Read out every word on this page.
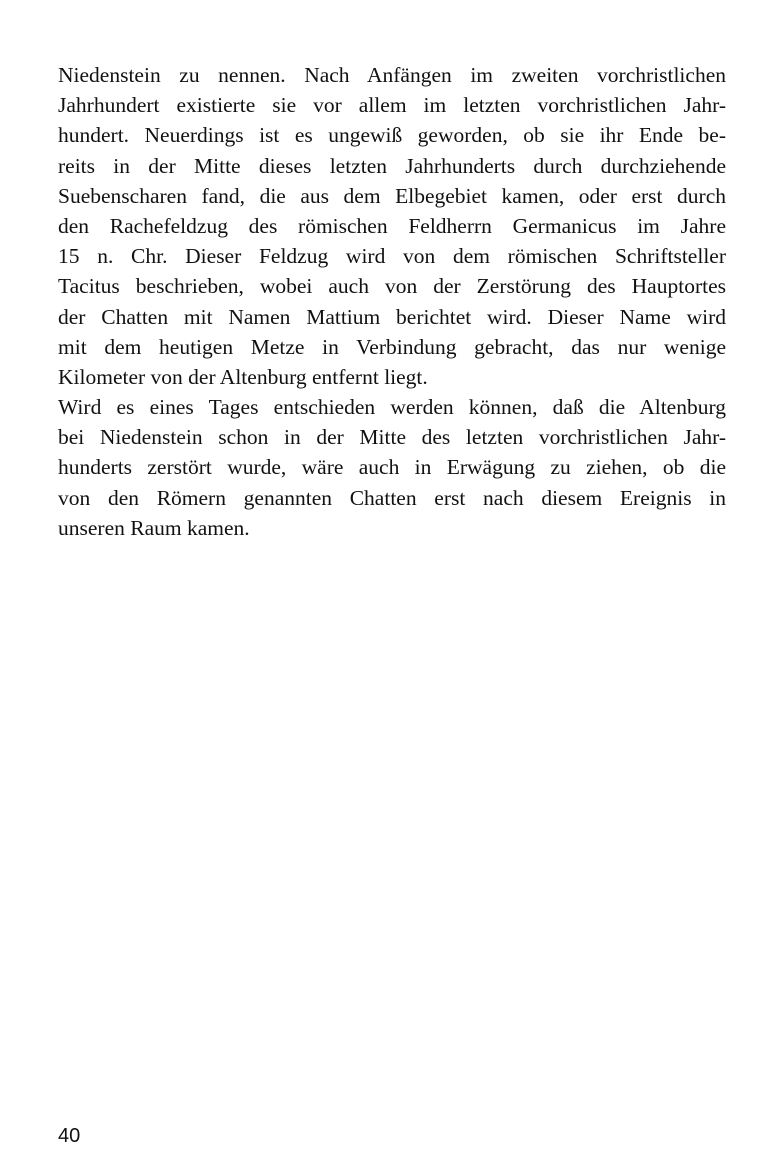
Niedenstein zu nennen. Nach Anfängen im zweiten vorchristlichen
Jahrhundert existierte sie vor allem im letzten vorchristlichen Jahr-
hundert. Neuerdings ist es ungewiß geworden, ob sie ihr Ende be-
reits in der Mitte dieses letzten Jahrhunderts durch durchziehende
Suebenscharen fand, die aus dem Elbegebiet kamen, oder erst durch
den Rachefeldzug des römischen Feldherrn Germanicus im Jahre
15 n. Chr. Dieser Feldzug wird von dem römischen Schriftsteller
Tacitus beschrieben, wobei auch von der Zerstörung des Hauptortes
der Chatten mit Namen Mattium berichtet wird. Dieser Name wird
mit dem heutigen Metze in Verbindung gebracht, das nur wenige
Kilometer von der Altenburg entfernt liegt.
Wird es eines Tages entschieden werden können, daß die Altenburg
bei Niedenstein schon in der Mitte des letzten vorchristlichen Jahr-
hunderts zerstört wurde, wäre auch in Erwägung zu ziehen, ob die
von den Römern genannten Chatten erst nach diesem Ereignis in
unseren Raum kamen.
40
